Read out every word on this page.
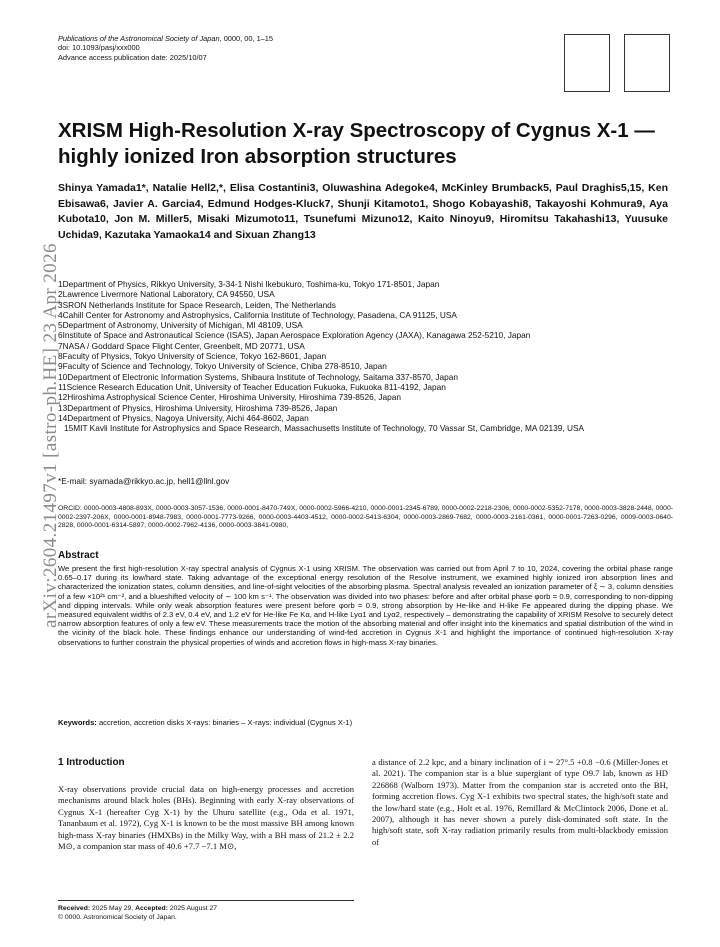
Publications of the Astronomical Society of Japan, 0000, 00, 1–15
doi: 10.1093/pasj/xxx000
Advance access publication date: 2025/10/07
arXiv:2604.21497v1 [astro-ph.HE] 23 Apr 2026
XRISM High-Resolution X-ray Spectroscopy of Cygnus X-1 — highly ionized Iron absorption structures
Shinya Yamada1*, Natalie Hell2,*, Elisa Costantini3, Oluwashina Adegoke4, McKinley Brumback5, Paul Draghis5,15, Ken Ebisawa6, Javier A. Garcia4, Edmund Hodges-Kluck7, Shunji Kitamoto1, Shogo Kobayashi8, Takayoshi Kohmura9, Aya Kubota10, Jon M. Miller5, Misaki Mizumoto11, Tsunefumi Mizuno12, Kaito Ninoyu9, Hiromitsu Takahashi13, Yuusuke Uchida9, Kazutaka Yamaoka14 and Sixuan Zhang13
1Department of Physics, Rikkyo University, 3-34-1 Nishi Ikebukuro, Toshima-ku, Tokyo 171-8501, Japan
2Lawrence Livermore National Laboratory, CA 94550, USA
3SRON Netherlands Institute for Space Research, Leiden, The Netherlands
4Cahill Center for Astronomy and Astrophysics, California Institute of Technology, Pasadena, CA 91125, USA
5Department of Astronomy, University of Michigan, MI 48109, USA
6Institute of Space and Astronautical Science (ISAS), Japan Aerospace Exploration Agency (JAXA), Kanagawa 252-5210, Japan
7NASA / Goddard Space Flight Center, Greenbelt, MD 20771, USA
8Faculty of Physics, Tokyo University of Science, Tokyo 162-8601, Japan
9Faculty of Science and Technology, Tokyo University of Science, Chiba 278-8510, Japan
10Department of Electronic Information Systems, Shibaura Institute of Technology, Saitama 337-8570, Japan
11Science Research Education Unit, University of Teacher Education Fukuoka, Fukuoka 811-4192, Japan
12Hiroshima Astrophysical Science Center, Hiroshima University, Hiroshima 739-8526, Japan
13Department of Physics, Hiroshima University, Hiroshima 739-8526, Japan
14Department of Physics, Nagoya University, Aichi 464-8602, Japan
15MIT Kavli Institute for Astrophysics and Space Research, Massachusetts Institute of Technology, 70 Vassar St, Cambridge, MA 02139, USA
*E-mail: syamada@rikkyo.ac.jp, hell1@llnl.gov
ORCID: 0000-0003-4808-893X, 0000-0003-3057-1536, 0000-0001-8470-749X, 0000-0002-5966-4210, 0000-0001-2345-6789, 0000-0002-2218-2306, 0000-0002-5352-7178, 0000-0003-3828-2448, 0000-0002-2397-206X, 0000-0001-8948-7983, 0000-0001-7773-9266, 0000-0003-4403-4512, 0000-0002-5413-6304, 0000-0003-2869-7682, 0000-0003-2161-0361, 0000-0001-7263-0296, 0009-0003-0640-2828, 0000-0001-6314-5897, 0000-0002-7962-4136, 0000-0003-3841-0980,
Abstract
We present the first high-resolution X-ray spectral analysis of Cygnus X-1 using XRISM. The observation was carried out from April 7 to 10, 2024, covering the orbital phase range 0.65–0.17 during its low/hard state. Taking advantage of the exceptional energy resolution of the Resolve instrument, we examined highly ionized iron absorption lines and characterized the ionization states, column densities, and line-of-sight velocities of the absorbing plasma. Spectral analysis revealed an ionization parameter of ξ ∼ 3, column densities of a few ×10²¹ cm⁻², and a blueshifted velocity of ∼ 100 km s⁻¹. The observation was divided into two phases: before and after orbital phase φorb = 0.9, corresponding to non-dipping and dipping intervals. While only weak absorption features were present before φorb = 0.9, strong absorption by He-like and H-like Fe appeared during the dipping phase. We measured equivalent widths of 2.3 eV, 0.4 eV, and 1.2 eV for He-like Fe Kα, and H-like Lyα1 and Lyα2, respectively – demonstrating the capability of XRISM Resolve to securely detect narrow absorption features of only a few eV. These measurements trace the motion of the absorbing material and offer insight into the kinematics and spatial distribution of the wind in the vicinity of the black hole. These findings enhance our understanding of wind-fed accretion in Cygnus X-1 and highlight the importance of continued high-resolution X-ray observations to further constrain the physical properties of winds and accretion flows in high-mass X-ray binaries.
Keywords: accretion, accretion disks X-rays: binaries – X-rays: individual (Cygnus X-1)
1 Introduction
X-ray observations provide crucial data on high-energy processes and accretion mechanisms around black holes (BHs). Beginning with early X-ray observations of Cygnus X-1 (hereafter Cyg X-1) by the Uhuru satellite (e.g., Oda et al. 1971, Tananbaum et al. 1972), Cyg X-1 is known to be the most massive BH among known high-mass X-ray binaries (HMXBs) in the Milky Way, with a BH mass of 21.2 ± 2.2 M⊙, a companion star mass of 40.6 +7.7 −7.1 M⊙,
a distance of 2.2 kpc, and a binary inclination of i = 27°.5 +0.8 −0.6 (Miller-Jones et al. 2021). The companion star is a blue supergiant of type O9.7 Iab, known as HD 226868 (Walborn 1973). Matter from the companion star is accreted onto the BH, forming accretion flows. Cyg X-1 exhibits two spectral states, the high/soft state and the low/hard state (e.g., Holt et al. 1976, Remillard & McClintock 2006, Done et al. 2007), although it has never shown a purely disk-dominated soft state. In the high/soft state, soft X-ray radiation primarily results from multi-blackbody emission of
Received: 2025 May 29, Accepted: 2025 August 27
© 0000. Astronomical Society of Japan.
